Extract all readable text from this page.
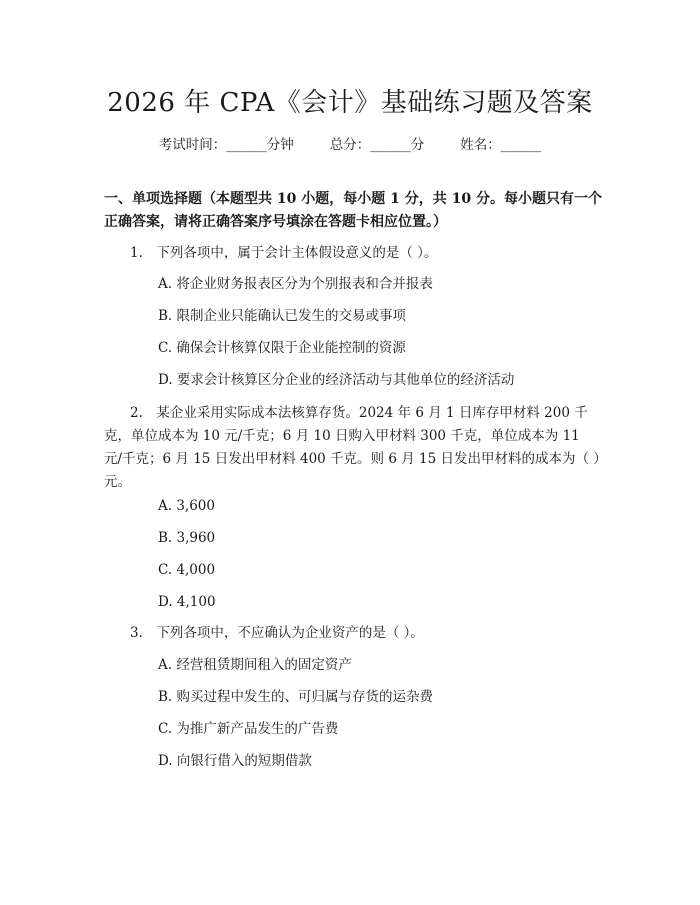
2026 年 CPA《会计》基础练习题及答案
考试时间：______分钟	总分：______分	姓名：______
一、单项选择题（本题型共 10 小题，每小题 1 分，共 10 分。每小题只有一个正确答案，请将正确答案序号填涂在答题卡相应位置。）
1.　下列各项中，属于会计主体假设意义的是（ ）。
A. 将企业财务报表区分为个别报表和合并报表
B. 限制企业只能确认已发生的交易或事项
C. 确保会计核算仅限于企业能控制的资源
D. 要求会计核算区分企业的经济活动与其他单位的经济活动
2.　某企业采用实际成本法核算存货。2024 年 6 月 1 日库存甲材料 200 千克，单位成本为 10 元/千克；6 月 10 日购入甲材料 300 千克，单位成本为 11 元/千克；6 月 15 日发出甲材料 400 千克。则 6 月 15 日发出甲材料的成本为（ ）元。
A. 3,600
B. 3,960
C. 4,000
D. 4,100
3.　下列各项中，不应确认为企业资产的是（ ）。
A. 经营租赁期间租入的固定资产
B. 购买过程中发生的、可归属与存货的运杂费
C. 为推广新产品发生的广告费
D. 向银行借入的短期借款
